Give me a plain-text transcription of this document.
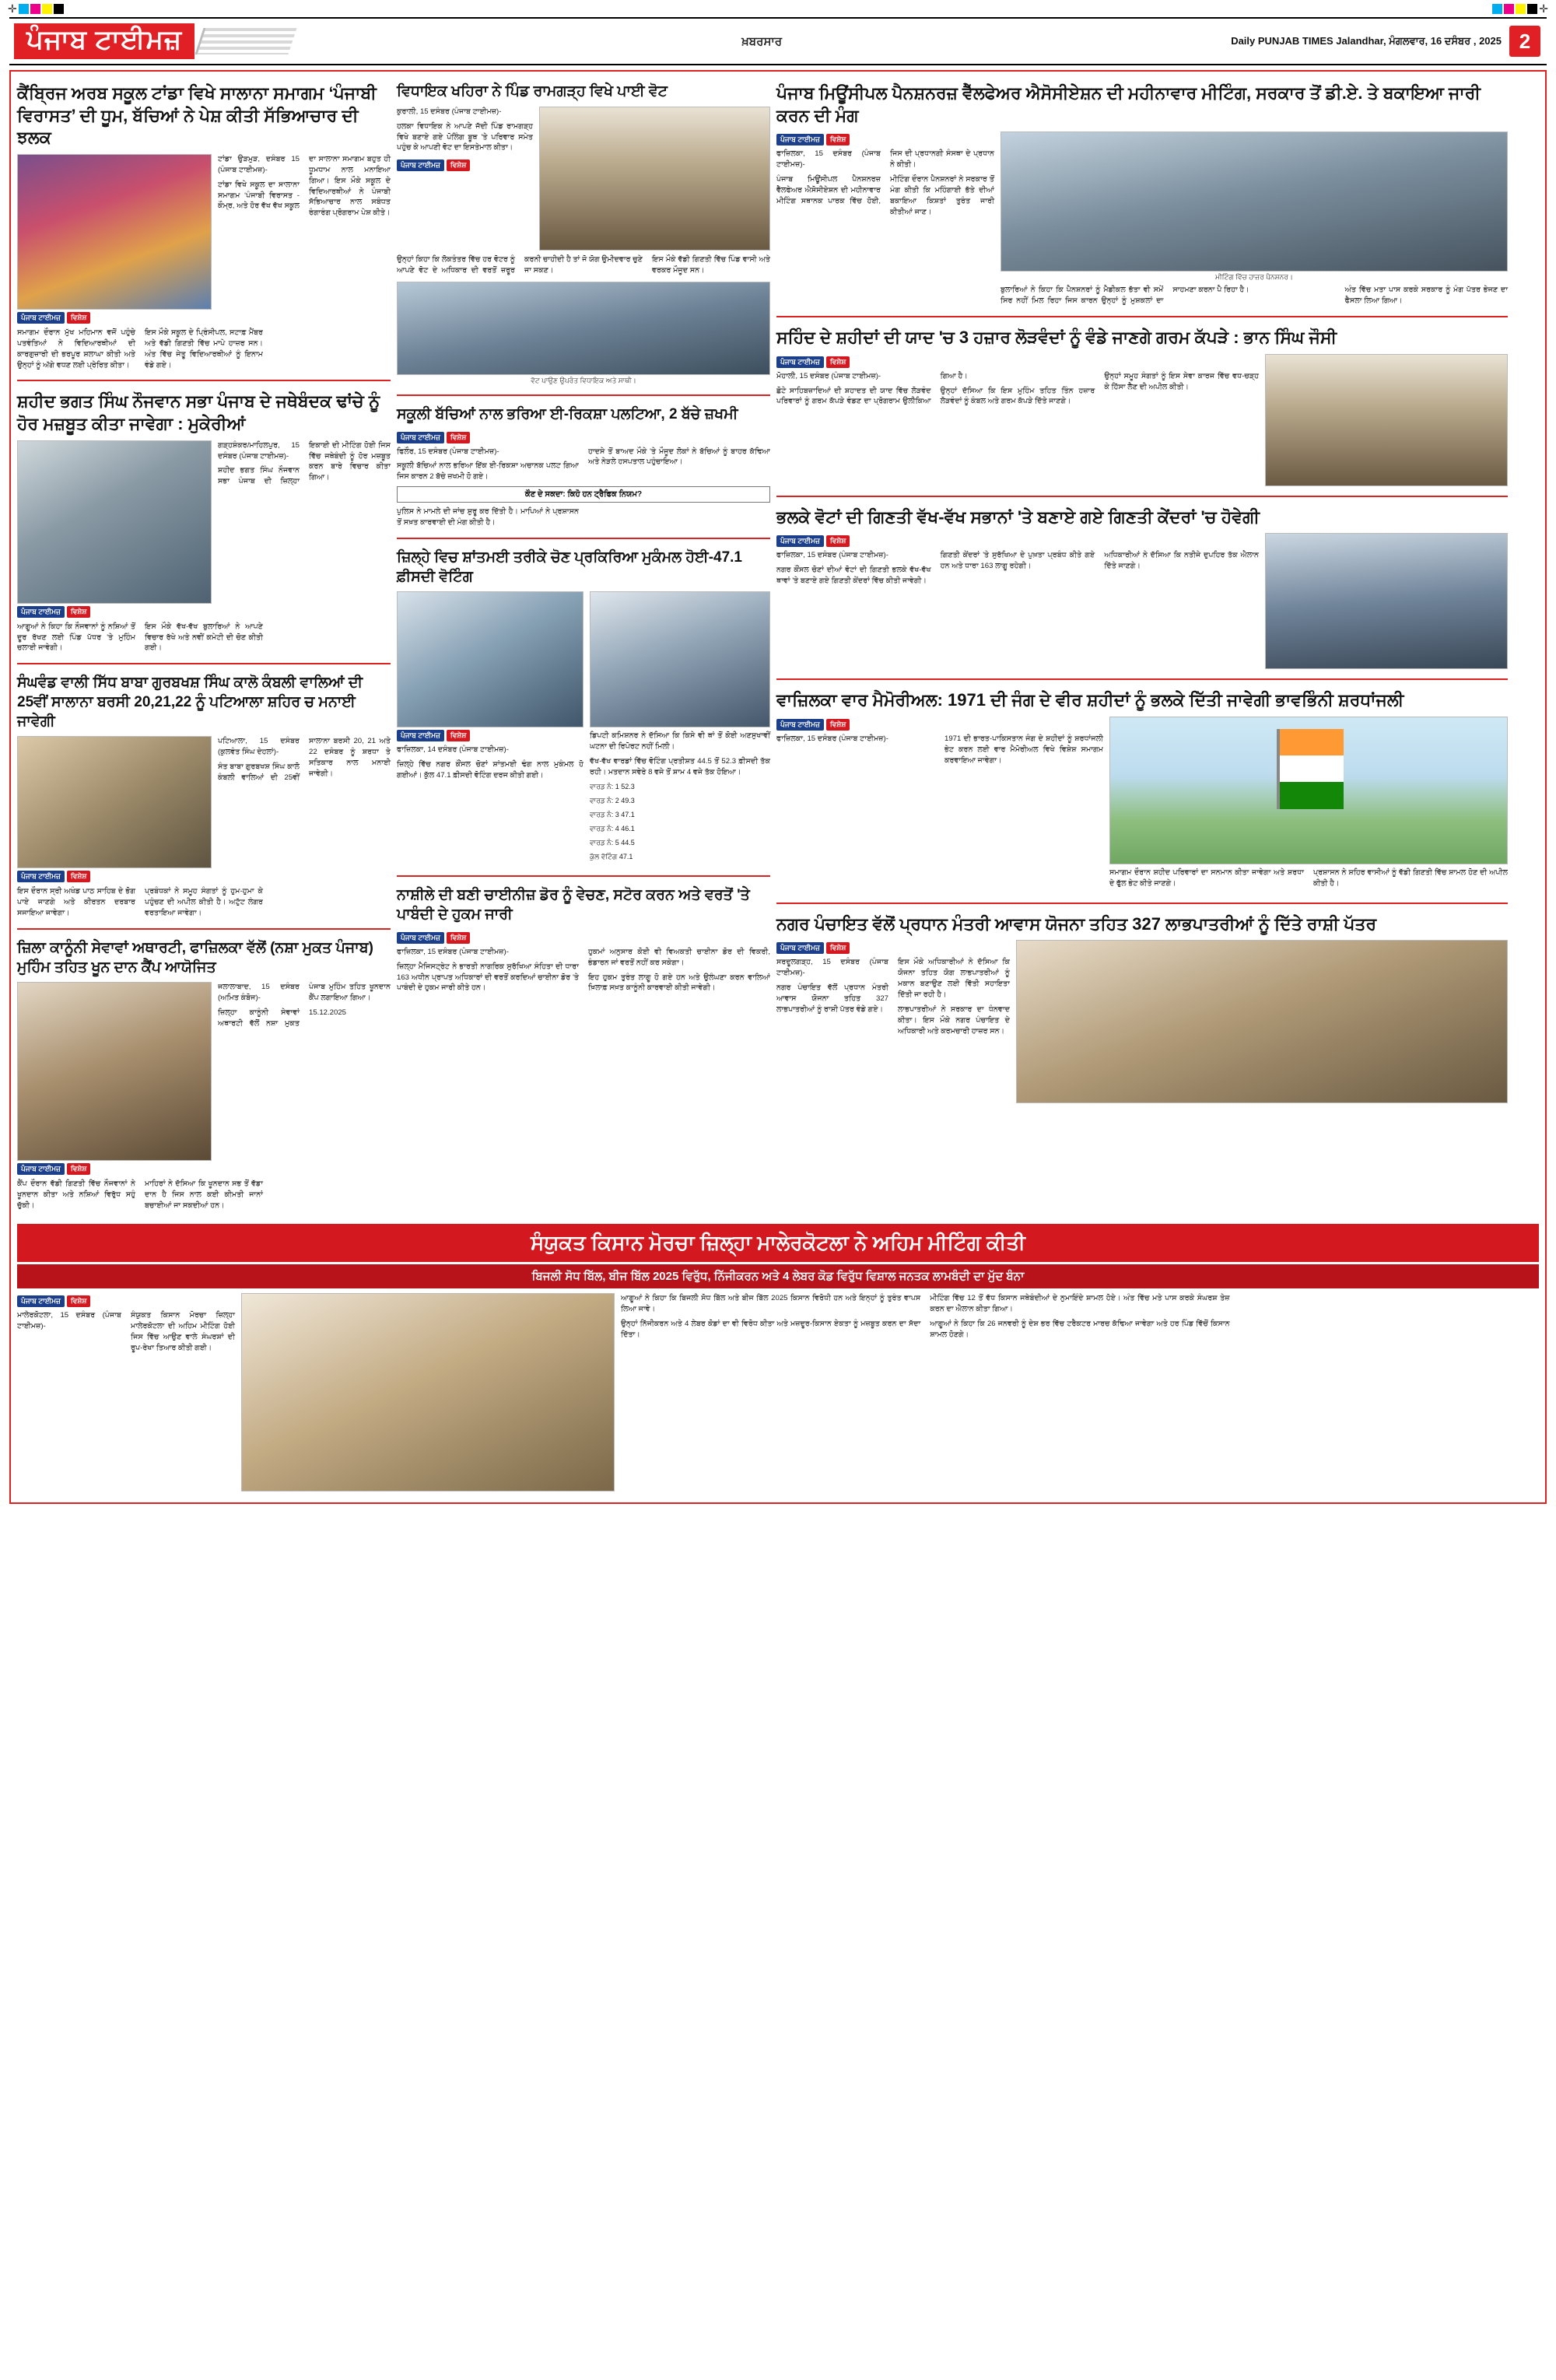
✛	✛
ਪੰਜਾਬ ਟਾਈਮਜ਼	ਖ਼ਬਰਸਾਰ	Daily PUNJAB TIMES Jalandhar, ਮੰਗਲਵਾਰ, 16 ਦਸੰਬਰ , 2025 2
ਕੈਂਬ੍ਰਿਜ ਅਰਬ ਸਕੂਲ ਟਾਂਡਾ ਵਿਖੇ ਸਾਲਾਨਾ ਸਮਾਗਮ ‘ਪੰਜਾਬੀ ਵਿਰਾਸਤ’ ਦੀ ਧੂਮ, ਬੱਚਿਆਂ ਨੇ ਪੇਸ਼ ਕੀਤੀ ਸੱਭਿਆਚਾਰ ਦੀ ਝਲਕ
ਪੰਜਾਬ ਟਾਈਮਜ਼	ਵਿਸ਼ੇਸ਼

ਟਾਂਡਾ ਉੜਮੁੜ, ਦਸੰਬਰ 15 (ਪੰਜਾਬ ਟਾਈਮਜ਼)-

ਟਾਂਡਾ ਵਿਖੇ ਸਕੂਲ ਦਾ ਸਾਲਾਨਾ ਸਮਾਗਮ ‘ਪੰਜਾਬੀ ਵਿਰਾਸਤ - ਕੌਮ੍ਰ, ਅਤੇ ਹੋਰ ਵੱਖ ਵੱਖ ਸਕੂਲ ਦਾ ਸਾਲਾਨਾ ਸਮਾਗਮ ਬਹੁਤ ਹੀ ਧੂਮਧਾਮ ਨਾਲ ਮਨਾਇਆ ਗਿਆ। ਇਸ ਮੌਕੇ ਸਕੂਲ ਦੇ ਵਿਦਿਆਰਥੀਆਂ ਨੇ ਪੰਜਾਬੀ ਸੱਭਿਆਚਾਰ ਨਾਲ ਸਬੰਧਤ ਰੰਗਾਰੰਗ ਪ੍ਰੋਗਰਾਮ ਪੇਸ਼ ਕੀਤੇ।

ਸਮਾਗਮ ਦੌਰਾਨ ਮੁੱਖ ਮਹਿਮਾਨ ਵਜੋਂ ਪਹੁੰਚੇ ਪਤਵੰਤਿਆਂ ਨੇ ਵਿਦਿਆਰਥੀਆਂ ਦੀ ਕਾਰਗੁਜ਼ਾਰੀ ਦੀ ਭਰਪੂਰ ਸ਼ਲਾਘਾ ਕੀਤੀ ਅਤੇ ਉਨ੍ਹਾਂ ਨੂੰ ਅੱਗੇ ਵਧਣ ਲਈ ਪ੍ਰੇਰਿਤ ਕੀਤਾ।

ਇਸ ਮੌਕੇ ਸਕੂਲ ਦੇ ਪ੍ਰਿੰਸੀਪਲ, ਸਟਾਫ਼ ਮੈਂਬਰ ਅਤੇ ਵੱਡੀ ਗਿਣਤੀ ਵਿੱਚ ਮਾਪੇ ਹਾਜ਼ਰ ਸਨ। ਅੰਤ ਵਿੱਚ ਜੇਤੂ ਵਿਦਿਆਰਥੀਆਂ ਨੂੰ ਇਨਾਮ ਵੰਡੇ ਗਏ।

ਸ਼ਹੀਦ ਭਗਤ ਸਿੰਘ ਨੌਜਵਾਨ ਸਭਾ ਪੰਜਾਬ ਦੇ ਜਥੇਬੰਦਕ ਢਾਂਚੇ ਨੂੰ ਹੋਰ ਮਜ਼ਬੂਤ ਕੀਤਾ ਜਾਵੇਗਾ : ਮੁਕੇਰੀਆਂ
ਪੰਜਾਬ ਟਾਈਮਜ਼	ਵਿਸ਼ੇਸ਼

ਗੜ੍ਹਸ਼ੰਕਰ/ਮਾਹਿਲਪੁਰ, 15 ਦਸੰਬਰ (ਪੰਜਾਬ ਟਾਈਮਜ਼)-

ਸ਼ਹੀਦ ਭਗਤ ਸਿੰਘ ਨੌਜਵਾਨ ਸਭਾ ਪੰਜਾਬ ਦੀ ਜ਼ਿਲ੍ਹਾ ਇਕਾਈ ਦੀ ਮੀਟਿੰਗ ਹੋਈ ਜਿਸ ਵਿੱਚ ਜਥੇਬੰਦੀ ਨੂੰ ਹੋਰ ਮਜ਼ਬੂਤ ਕਰਨ ਬਾਰੇ ਵਿਚਾਰ ਕੀਤਾ ਗਿਆ।

ਆਗੂਆਂ ਨੇ ਕਿਹਾ ਕਿ ਨੌਜਵਾਨਾਂ ਨੂੰ ਨਸ਼ਿਆਂ ਤੋਂ ਦੂਰ ਰੱਖਣ ਲਈ ਪਿੰਡ ਪੱਧਰ 'ਤੇ ਮੁਹਿੰਮ ਚਲਾਈ ਜਾਵੇਗੀ।

ਇਸ ਮੌਕੇ ਵੱਖ-ਵੱਖ ਬੁਲਾਰਿਆਂ ਨੇ ਆਪਣੇ ਵਿਚਾਰ ਰੱਖੇ ਅਤੇ ਨਵੀਂ ਕਮੇਟੀ ਦੀ ਚੋਣ ਕੀਤੀ ਗਈ।

ਸੰਘਵੰਡ ਵਾਲੀ ਸਿੱਧ ਬਾਬਾ ਗੁਰਬਖਸ਼ ਸਿੰਘ ਕਾਲੋ ਕੰਬਲੀ ਵਾਲਿਆਂ ਦੀ 25ਵੀਂ ਸਾਲਾਨਾ ਬਰਸੀ 20,21,22 ਨੂੰ ਪਟਿਆਲਾ ਸ਼ਹਿਰ ਚ ਮਨਾਈ ਜਾਵੇਗੀ
ਪੰਜਾਬ ਟਾਈਮਜ਼	ਵਿਸ਼ੇਸ਼

ਪਟਿਆਲਾ, 15 ਦਸੰਬਰ (ਕੁਲਵੰਤ ਸਿੰਘ ਦੇਹਲਾਂ)-

ਸੰਤ ਬਾਬਾ ਗੁਰਬਖਸ਼ ਸਿੰਘ ਕਾਲੋ ਕੰਬਲੀ ਵਾਲਿਆਂ ਦੀ 25ਵੀਂ ਸਾਲਾਨਾ ਬਰਸੀ 20, 21 ਅਤੇ 22 ਦਸੰਬਰ ਨੂੰ ਸ਼ਰਧਾ ਤੇ ਸਤਿਕਾਰ ਨਾਲ ਮਨਾਈ ਜਾਵੇਗੀ।

ਇਸ ਦੌਰਾਨ ਸ੍ਰੀ ਅਖੰਡ ਪਾਠ ਸਾਹਿਬ ਦੇ ਭੋਗ ਪਾਏ ਜਾਣਗੇ ਅਤੇ ਕੀਰਤਨ ਦਰਬਾਰ ਸਜਾਇਆ ਜਾਵੇਗਾ।

ਪ੍ਰਬੰਧਕਾਂ ਨੇ ਸਮੂਹ ਸੰਗਤਾਂ ਨੂੰ ਹੁਮ-ਹੁਮਾ ਕੇ ਪਹੁੰਚਣ ਦੀ ਅਪੀਲ ਕੀਤੀ ਹੈ। ਅਟੁੱਟ ਲੰਗਰ ਵਰਤਾਇਆ ਜਾਵੇਗਾ।

ਜ਼ਿਲਾ ਕਾਨੂੰਨੀ ਸੇਵਾਵਾਂ ਅਥਾਰਟੀ, ਫਾਜ਼ਿਲਕਾ ਵੱਲੋਂ (ਨਸ਼ਾ ਮੁਕਤ ਪੰਜਾਬ) ਮੁਹਿੰਮ ਤਹਿਤ ਖੂਨ ਦਾਨ ਕੈਂਪ ਆਯੋਜਿਤ
ਪੰਜਾਬ ਟਾਈਮਜ਼	ਵਿਸ਼ੇਸ਼

ਜਲਾਲਾਬਾਦ, 15 ਦਸੰਬਰ (ਅਮਿਤ ਕੰਬੋਜ)-

ਜ਼ਿਲ੍ਹਾ ਕਾਨੂੰਨੀ ਸੇਵਾਵਾਂ ਅਥਾਰਟੀ ਵੱਲੋਂ ਨਸ਼ਾ ਮੁਕਤ ਪੰਜਾਬ ਮੁਹਿੰਮ ਤਹਿਤ ਖੂਨਦਾਨ ਕੈਂਪ ਲਗਾਇਆ ਗਿਆ।

15.12.2025

ਕੈਂਪ ਦੌਰਾਨ ਵੱਡੀ ਗਿਣਤੀ ਵਿੱਚ ਨੌਜਵਾਨਾਂ ਨੇ ਖੂਨਦਾਨ ਕੀਤਾ ਅਤੇ ਨਸ਼ਿਆਂ ਵਿਰੁੱਧ ਸਹੁੰ ਚੁੱਕੀ।

ਮਾਹਿਰਾਂ ਨੇ ਦੱਸਿਆ ਕਿ ਖੂਨਦਾਨ ਸਭ ਤੋਂ ਵੱਡਾ ਦਾਨ ਹੈ ਜਿਸ ਨਾਲ ਕਈ ਕੀਮਤੀ ਜਾਨਾਂ ਬਚਾਈਆਂ ਜਾ ਸਕਦੀਆਂ ਹਨ।

ਵਿਧਾਇਕ ਖਹਿਰਾ ਨੇ ਪਿੰਡ ਰਾਮਗੜ੍ਹ ਵਿਖੇ ਪਾਈ ਵੋਟ

ਕੁਰਾਲੀ, 15 ਦਸੰਬਰ (ਪੰਜਾਬ ਟਾਈਮਜ਼)-

ਹਲਕਾ ਵਿਧਾਇਕ ਨੇ ਆਪਣੇ ਜੱਦੀ ਪਿੰਡ ਰਾਮਗੜ੍ਹ ਵਿਖੇ ਬਣਾਏ ਗਏ ਪੋਲਿੰਗ ਬੂਥ 'ਤੇ ਪਰਿਵਾਰ ਸਮੇਤ ਪਹੁੰਚ ਕੇ ਆਪਣੀ ਵੋਟ ਦਾ ਇਸਤੇਮਾਲ ਕੀਤਾ।

ਪੰਜਾਬ ਟਾਈਮਜ਼	ਵਿਸ਼ੇਸ਼

ਉਨ੍ਹਾਂ ਕਿਹਾ ਕਿ ਲੋਕਤੰਤਰ ਵਿੱਚ ਹਰ ਵੋਟਰ ਨੂੰ ਆਪਣੇ ਵੋਟ ਦੇ ਅਧਿਕਾਰ ਦੀ ਵਰਤੋਂ ਜ਼ਰੂਰ ਕਰਨੀ ਚਾਹੀਦੀ ਹੈ ਤਾਂ ਜੋ ਯੋਗ ਉਮੀਦਵਾਰ ਚੁਣੇ ਜਾ ਸਕਣ।

ਇਸ ਮੌਕੇ ਵੱਡੀ ਗਿਣਤੀ ਵਿੱਚ ਪਿੰਡ ਵਾਸੀ ਅਤੇ ਵਰਕਰ ਮੌਜੂਦ ਸਨ।

ਵੋਟ ਪਾਉਣ ਉਪਰੰਤ ਵਿਧਾਇਕ ਅਤੇ ਸਾਥੀ।
ਸਕੂਲੀ ਬੱਚਿਆਂ ਨਾਲ ਭਰਿਆ ਈ-ਰਿਕਸ਼ਾ ਪਲਟਿਆ, 2 ਬੱਚੇ ਜ਼ਖਮੀ
ਪੰਜਾਬ ਟਾਈਮਜ਼	ਵਿਸ਼ੇਸ਼

ਫਿਲੌਰ, 15 ਦਸੰਬਰ (ਪੰਜਾਬ ਟਾਈਮਜ਼)-

ਸਕੂਲੀ ਬੱਚਿਆਂ ਨਾਲ ਭਰਿਆ ਇੱਕ ਈ-ਰਿਕਸ਼ਾ ਅਚਾਨਕ ਪਲਟ ਗਿਆ ਜਿਸ ਕਾਰਨ 2 ਬੱਚੇ ਜ਼ਖਮੀ ਹੋ ਗਏ।

ਹਾਦਸੇ ਤੋਂ ਬਾਅਦ ਮੌਕੇ 'ਤੇ ਮੌਜੂਦ ਲੋਕਾਂ ਨੇ ਬੱਚਿਆਂ ਨੂੰ ਬਾਹਰ ਕੱਢਿਆ ਅਤੇ ਨੇੜਲੇ ਹਸਪਤਾਲ ਪਹੁੰਚਾਇਆ।

ਕੌਣ ਦੇ ਸਕਦਾ: ਕਿਹੋ ਹਨ ਟ੍ਰੈਫਿਕ ਨਿਯਮ?

ਪੁਲਿਸ ਨੇ ਮਾਮਲੇ ਦੀ ਜਾਂਚ ਸ਼ੁਰੂ ਕਰ ਦਿੱਤੀ ਹੈ। ਮਾਪਿਆਂ ਨੇ ਪ੍ਰਸ਼ਾਸਨ ਤੋਂ ਸਖ਼ਤ ਕਾਰਵਾਈ ਦੀ ਮੰਗ ਕੀਤੀ ਹੈ।

ਜ਼ਿਲ੍ਹੇ ਵਿਚ ਸ਼ਾਂਤਮਈ ਤਰੀਕੇ ਚੋਣ ਪ੍ਰਕਿਰਿਆ ਮੁਕੰਮਲ ਹੋਈ-47.1 ਫ਼ੀਸਦੀ ਵੋਟਿੰਗ
ਪੰਜਾਬ ਟਾਈਮਜ਼	ਵਿਸ਼ੇਸ਼

ਫਾਜ਼ਿਲਕਾ, 14 ਦਸੰਬਰ (ਪੰਜਾਬ ਟਾਈਮਜ਼)-

ਜ਼ਿਲ੍ਹੇ ਵਿੱਚ ਨਗਰ ਕੌਂਸਲ ਚੋਣਾਂ ਸ਼ਾਂਤਮਈ ਢੰਗ ਨਾਲ ਮੁਕੰਮਲ ਹੋ ਗਈਆਂ। ਕੁੱਲ 47.1 ਫ਼ੀਸਦੀ ਵੋਟਿੰਗ ਦਰਜ ਕੀਤੀ ਗਈ।

ਡਿਪਟੀ ਕਮਿਸ਼ਨਰ ਨੇ ਦੱਸਿਆ ਕਿ ਕਿਸੇ ਵੀ ਥਾਂ ਤੋਂ ਕੋਈ ਅਣਸੁਖਾਵੀਂ ਘਟਨਾ ਦੀ ਰਿਪੋਰਟ ਨਹੀਂ ਮਿਲੀ।

ਵੱਖ-ਵੱਖ ਵਾਰਡਾਂ ਵਿੱਚ ਵੋਟਿੰਗ ਪ੍ਰਤੀਸ਼ਤ 44.5 ਤੋਂ 52.3 ਫ਼ੀਸਦੀ ਤੱਕ ਰਹੀ। ਮਤਦਾਨ ਸਵੇਰੇ 8 ਵਜੇ ਤੋਂ ਸ਼ਾਮ 4 ਵਜੇ ਤੱਕ ਹੋਇਆ।

ਵਾਰਡ ਨੰ: 1 52.3

ਵਾਰਡ ਨੰ: 2 49.3

ਵਾਰਡ ਨੰ: 3 47.1

ਵਾਰਡ ਨੰ: 4 46.1

ਵਾਰਡ ਨੰ: 5 44.5

ਕੁੱਲ ਵੋਟਿੰਗ 47.1

ਨਾਸ਼ੀਲੇ ਦੀ ਬਣੀ ਚਾਈਨੀਜ਼ ਡੋਰ ਨੂੰ ਵੇਚਣ, ਸਟੋਰ ਕਰਨ ਅਤੇ ਵਰਤੋਂ 'ਤੇ ਪਾਬੰਦੀ ਦੇ ਹੁਕਮ ਜਾਰੀ
ਪੰਜਾਬ ਟਾਈਮਜ਼	ਵਿਸ਼ੇਸ਼

ਫਾਜ਼ਿਲਕਾ, 15 ਦਸੰਬਰ (ਪੰਜਾਬ ਟਾਈਮਜ਼)-

ਜ਼ਿਲ੍ਹਾ ਮੈਜਿਸਟ੍ਰੇਟ ਨੇ ਭਾਰਤੀ ਨਾਗਰਿਕ ਸੁਰੱਖਿਆ ਸੰਹਿਤਾ ਦੀ ਧਾਰਾ 163 ਅਧੀਨ ਪ੍ਰਾਪਤ ਅਧਿਕਾਰਾਂ ਦੀ ਵਰਤੋਂ ਕਰਦਿਆਂ ਚਾਈਨਾ ਡੋਰ 'ਤੇ ਪਾਬੰਦੀ ਦੇ ਹੁਕਮ ਜਾਰੀ ਕੀਤੇ ਹਨ।

ਹੁਕਮਾਂ ਅਨੁਸਾਰ ਕੋਈ ਵੀ ਵਿਅਕਤੀ ਚਾਈਨਾ ਡੋਰ ਦੀ ਵਿਕਰੀ, ਭੰਡਾਰਨ ਜਾਂ ਵਰਤੋਂ ਨਹੀਂ ਕਰ ਸਕੇਗਾ।

ਇਹ ਹੁਕਮ ਤੁਰੰਤ ਲਾਗੂ ਹੋ ਗਏ ਹਨ ਅਤੇ ਉਲੰਘਣਾ ਕਰਨ ਵਾਲਿਆਂ ਖ਼ਿਲਾਫ਼ ਸਖ਼ਤ ਕਾਨੂੰਨੀ ਕਾਰਵਾਈ ਕੀਤੀ ਜਾਵੇਗੀ।

ਪੰਜਾਬ ਮਿਊਂਸੀਪਲ ਪੈਨਸ਼ਨਰਜ਼ ਵੈੱਲਫੇਅਰ ਐਸੋਸੀਏਸ਼ਨ ਦੀ ਮਹੀਨਾਵਾਰ ਮੀਟਿੰਗ, ਸਰਕਾਰ ਤੋਂ ਡੀ.ਏ. ਤੇ ਬਕਾਇਆ ਜਾਰੀ ਕਰਨ ਦੀ ਮੰਗ
ਪੰਜਾਬ ਟਾਈਮਜ਼	ਵਿਸ਼ੇਸ਼

ਫਾਜ਼ਿਲਕਾ, 15 ਦਸੰਬਰ (ਪੰਜਾਬ ਟਾਈਮਜ਼)-

ਪੰਜਾਬ ਮਿਊਂਸੀਪਲ ਪੈਨਸ਼ਨਰਜ਼ ਵੈੱਲਫੇਅਰ ਐਸੋਸੀਏਸ਼ਨ ਦੀ ਮਹੀਨਾਵਾਰ ਮੀਟਿੰਗ ਸਥਾਨਕ ਪਾਰਕ ਵਿੱਚ ਹੋਈ, ਜਿਸ ਦੀ ਪ੍ਰਧਾਨਗੀ ਸੰਸਥਾ ਦੇ ਪ੍ਰਧਾਨ ਨੇ ਕੀਤੀ।

ਮੀਟਿੰਗ ਦੌਰਾਨ ਪੈਨਸ਼ਨਰਾਂ ਨੇ ਸਰਕਾਰ ਤੋਂ ਮੰਗ ਕੀਤੀ ਕਿ ਮਹਿੰਗਾਈ ਭੱਤੇ ਦੀਆਂ ਬਕਾਇਆ ਕਿਸ਼ਤਾਂ ਤੁਰੰਤ ਜਾਰੀ ਕੀਤੀਆਂ ਜਾਣ।

ਮੀਟਿੰਗ ਵਿੱਚ ਹਾਜ਼ਰ ਪੈਨਸ਼ਨਰ।

ਬੁਲਾਰਿਆਂ ਨੇ ਕਿਹਾ ਕਿ ਪੈਨਸ਼ਨਰਾਂ ਨੂੰ ਮੈਡੀਕਲ ਭੱਤਾ ਵੀ ਸਮੇਂ ਸਿਰ ਨਹੀਂ ਮਿਲ ਰਿਹਾ ਜਿਸ ਕਾਰਨ ਉਨ੍ਹਾਂ ਨੂੰ ਮੁਸ਼ਕਲਾਂ ਦਾ ਸਾਹਮਣਾ ਕਰਨਾ ਪੈ ਰਿਹਾ ਹੈ।	ਅੰਤ ਵਿੱਚ ਮਤਾ ਪਾਸ ਕਰਕੇ ਸਰਕਾਰ ਨੂੰ ਮੰਗ ਪੱਤਰ ਭੇਜਣ ਦਾ ਫੈਸਲਾ ਲਿਆ ਗਿਆ।

ਸਹਿੰਦ ਦੇ ਸ਼ਹੀਦਾਂ ਦੀ ਯਾਦ 'ਚ 3 ਹਜ਼ਾਰ ਲੋੜਵੰਦਾਂ ਨੂੰ ਵੰਡੇ ਜਾਣਗੇ ਗਰਮ ਕੱਪੜੇ : ਭਾਨ ਸਿੰਘ ਜੌਸੀ
ਪੰਜਾਬ ਟਾਈਮਜ਼	ਵਿਸ਼ੇਸ਼

ਮੋਹਾਲੀ, 15 ਦਸੰਬਰ (ਪੰਜਾਬ ਟਾਈਮਜ਼)-

ਛੋਟੇ ਸਾਹਿਬਜ਼ਾਦਿਆਂ ਦੀ ਸ਼ਹਾਦਤ ਦੀ ਯਾਦ ਵਿੱਚ ਲੋੜਵੰਦ ਪਰਿਵਾਰਾਂ ਨੂੰ ਗਰਮ ਕੱਪੜੇ ਵੰਡਣ ਦਾ ਪ੍ਰੋਗਰਾਮ ਉਲੀਕਿਆ ਗਿਆ ਹੈ।

ਉਨ੍ਹਾਂ ਦੱਸਿਆ ਕਿ ਇਸ ਮੁਹਿੰਮ ਤਹਿਤ ਤਿੰਨ ਹਜ਼ਾਰ ਲੋੜਵੰਦਾਂ ਨੂੰ ਕੰਬਲ ਅਤੇ ਗਰਮ ਕੱਪੜੇ ਦਿੱਤੇ ਜਾਣਗੇ।

ਉਨ੍ਹਾਂ ਸਮੂਹ ਸੰਗਤਾਂ ਨੂੰ ਇਸ ਸੇਵਾ ਕਾਰਜ ਵਿੱਚ ਵਧ-ਚੜ੍ਹ ਕੇ ਹਿੱਸਾ ਲੈਣ ਦੀ ਅਪੀਲ ਕੀਤੀ।

ਭਲਕੇ ਵੋਟਾਂ ਦੀ ਗਿਣਤੀ ਵੱਖ-ਵੱਖ ਸਭਾਨਾਂ 'ਤੇ ਬਣਾਏ ਗਏ ਗਿਣਤੀ ਕੇਂਦਰਾਂ 'ਚ ਹੋਵੇਗੀ
ਪੰਜਾਬ ਟਾਈਮਜ਼	ਵਿਸ਼ੇਸ਼

ਫਾਜ਼ਿਲਕਾ, 15 ਦਸੰਬਰ (ਪੰਜਾਬ ਟਾਈਮਜ਼)-

ਨਗਰ ਕੌਂਸਲ ਚੋਣਾਂ ਦੀਆਂ ਵੋਟਾਂ ਦੀ ਗਿਣਤੀ ਭਲਕੇ ਵੱਖ-ਵੱਖ ਥਾਵਾਂ 'ਤੇ ਬਣਾਏ ਗਏ ਗਿਣਤੀ ਕੇਂਦਰਾਂ ਵਿੱਚ ਕੀਤੀ ਜਾਵੇਗੀ।

ਗਿਣਤੀ ਕੇਂਦਰਾਂ 'ਤੇ ਸੁਰੱਖਿਆ ਦੇ ਪੁਖ਼ਤਾ ਪ੍ਰਬੰਧ ਕੀਤੇ ਗਏ ਹਨ ਅਤੇ ਧਾਰਾ 163 ਲਾਗੂ ਰਹੇਗੀ।

ਅਧਿਕਾਰੀਆਂ ਨੇ ਦੱਸਿਆ ਕਿ ਨਤੀਜੇ ਦੁਪਹਿਰ ਤੱਕ ਐਲਾਨ ਦਿੱਤੇ ਜਾਣਗੇ।

ਵਾਜ਼ਿਲਕਾ ਵਾਰ ਮੈਮੋਰੀਅਲ: 1971 ਦੀ ਜੰਗ ਦੇ ਵੀਰ ਸ਼ਹੀਦਾਂ ਨੂੰ ਭਲਕੇ ਦਿੱਤੀ ਜਾਵੇਗੀ ਭਾਵਭਿੰਨੀ ਸ਼ਰਧਾਂਜਲੀ
ਪੰਜਾਬ ਟਾਈਮਜ਼	ਵਿਸ਼ੇਸ਼

ਫਾਜ਼ਿਲਕਾ, 15 ਦਸੰਬਰ (ਪੰਜਾਬ ਟਾਈਮਜ਼)-	1971 ਦੀ ਭਾਰਤ-ਪਾਕਿਸਤਾਨ ਜੰਗ ਦੇ ਸ਼ਹੀਦਾਂ ਨੂੰ ਸ਼ਰਧਾਂਜਲੀ ਭੇਟ ਕਰਨ ਲਈ ਵਾਰ ਮੈਮੋਰੀਅਲ ਵਿਖੇ ਵਿਸ਼ੇਸ਼ ਸਮਾਗਮ ਕਰਵਾਇਆ ਜਾਵੇਗਾ।

ਸਮਾਗਮ ਦੌਰਾਨ ਸ਼ਹੀਦ ਪਰਿਵਾਰਾਂ ਦਾ ਸਨਮਾਨ ਕੀਤਾ ਜਾਵੇਗਾ ਅਤੇ ਸ਼ਰਧਾ ਦੇ ਫੁੱਲ ਭੇਟ ਕੀਤੇ ਜਾਣਗੇ।

ਪ੍ਰਸ਼ਾਸਨ ਨੇ ਸ਼ਹਿਰ ਵਾਸੀਆਂ ਨੂੰ ਵੱਡੀ ਗਿਣਤੀ ਵਿੱਚ ਸ਼ਾਮਲ ਹੋਣ ਦੀ ਅਪੀਲ ਕੀਤੀ ਹੈ।

ਨਗਰ ਪੰਚਾਇਤ ਵੱਲੋਂ ਪ੍ਰਧਾਨ ਮੰਤਰੀ ਆਵਾਸ ਯੋਜਨਾ ਤਹਿਤ 327 ਲਾਭਪਾਤਰੀਆਂ ਨੂੰ ਦਿੱਤੇ ਰਾਸ਼ੀ ਪੱਤਰ
ਪੰਜਾਬ ਟਾਈਮਜ਼	ਵਿਸ਼ੇਸ਼

ਸਰਦੂਲਗੜ੍ਹ, 15 ਦਸੰਬਰ (ਪੰਜਾਬ ਟਾਈਮਜ਼)-

ਨਗਰ ਪੰਚਾਇਤ ਵੱਲੋਂ ਪ੍ਰਧਾਨ ਮੰਤਰੀ ਆਵਾਸ ਯੋਜਨਾ ਤਹਿਤ 327 ਲਾਭਪਾਤਰੀਆਂ ਨੂੰ ਰਾਸ਼ੀ ਪੱਤਰ ਵੰਡੇ ਗਏ।

ਇਸ ਮੌਕੇ ਅਧਿਕਾਰੀਆਂ ਨੇ ਦੱਸਿਆ ਕਿ ਯੋਜਨਾ ਤਹਿਤ ਯੋਗ ਲਾਭਪਾਤਰੀਆਂ ਨੂੰ ਮਕਾਨ ਬਣਾਉਣ ਲਈ ਵਿੱਤੀ ਸਹਾਇਤਾ ਦਿੱਤੀ ਜਾ ਰਹੀ ਹੈ।

ਲਾਭਪਾਤਰੀਆਂ ਨੇ ਸਰਕਾਰ ਦਾ ਧੰਨਵਾਦ ਕੀਤਾ। ਇਸ ਮੌਕੇ ਨਗਰ ਪੰਚਾਇਤ ਦੇ ਅਧਿਕਾਰੀ ਅਤੇ ਕਰਮਚਾਰੀ ਹਾਜ਼ਰ ਸਨ।

ਸੰਯੁਕਤ ਕਿਸਾਨ ਮੋਰਚਾ ਜ਼ਿਲ੍ਹਾ ਮਾਲੇਰਕੋਟਲਾ ਨੇ ਅਹਿਮ ਮੀਟਿੰਗ ਕੀਤੀ
ਬਿਜਲੀ ਸੋਧ ਬਿੱਲ, ਬੀਜ ਬਿੱਲ 2025 ਵਿਰੁੱਧ, ਨਿੱਜੀਕਰਨ ਅਤੇ 4 ਲੇਬਰ ਕੋਡ ਵਿਰੁੱਧ ਵਿਸ਼ਾਲ ਜਨਤਕ ਲਾਮਬੰਦੀ ਦਾ ਮੁੱਦ ਬੰਨਾ
ਪੰਜਾਬ ਟਾਈਮਜ਼	ਵਿਸ਼ੇਸ਼

ਮਾਲੇਰਕੋਟਲਾ, 15 ਦਸੰਬਰ (ਪੰਜਾਬ ਟਾਈਮਜ਼)-

ਸੰਯੁਕਤ ਕਿਸਾਨ ਮੋਰਚਾ ਜ਼ਿਲ੍ਹਾ ਮਾਲੇਰਕੋਟਲਾ ਦੀ ਅਹਿਮ ਮੀਟਿੰਗ ਹੋਈ ਜਿਸ ਵਿੱਚ ਆਉਣ ਵਾਲੇ ਸੰਘਰਸ਼ਾਂ ਦੀ ਰੂਪ-ਰੇਖਾ ਤਿਆਰ ਕੀਤੀ ਗਈ।

ਆਗੂਆਂ ਨੇ ਕਿਹਾ ਕਿ ਬਿਜਲੀ ਸੋਧ ਬਿੱਲ ਅਤੇ ਬੀਜ ਬਿੱਲ 2025 ਕਿਸਾਨ ਵਿਰੋਧੀ ਹਨ ਅਤੇ ਇਨ੍ਹਾਂ ਨੂੰ ਤੁਰੰਤ ਵਾਪਸ ਲਿਆ ਜਾਵੇ।

ਉਨ੍ਹਾਂ ਨਿੱਜੀਕਰਨ ਅਤੇ 4 ਲੇਬਰ ਕੋਡਾਂ ਦਾ ਵੀ ਵਿਰੋਧ ਕੀਤਾ ਅਤੇ ਮਜ਼ਦੂਰ-ਕਿਸਾਨ ਏਕਤਾ ਨੂੰ ਮਜ਼ਬੂਤ ਕਰਨ ਦਾ ਸੱਦਾ ਦਿੱਤਾ।

ਮੀਟਿੰਗ ਵਿੱਚ 12 ਤੋਂ ਵੱਧ ਕਿਸਾਨ ਜਥੇਬੰਦੀਆਂ ਦੇ ਨੁਮਾਇੰਦੇ ਸ਼ਾਮਲ ਹੋਏ। ਅੰਤ ਵਿੱਚ ਮਤੇ ਪਾਸ ਕਰਕੇ ਸੰਘਰਸ਼ ਤੇਜ਼ ਕਰਨ ਦਾ ਐਲਾਨ ਕੀਤਾ ਗਿਆ।

ਆਗੂਆਂ ਨੇ ਕਿਹਾ ਕਿ 26 ਜਨਵਰੀ ਨੂੰ ਦੇਸ਼ ਭਰ ਵਿੱਚ ਟਰੈਕਟਰ ਮਾਰਚ ਕੱਢਿਆ ਜਾਵੇਗਾ ਅਤੇ ਹਰ ਪਿੰਡ ਵਿੱਚੋਂ ਕਿਸਾਨ ਸ਼ਾਮਲ ਹੋਣਗੇ।
